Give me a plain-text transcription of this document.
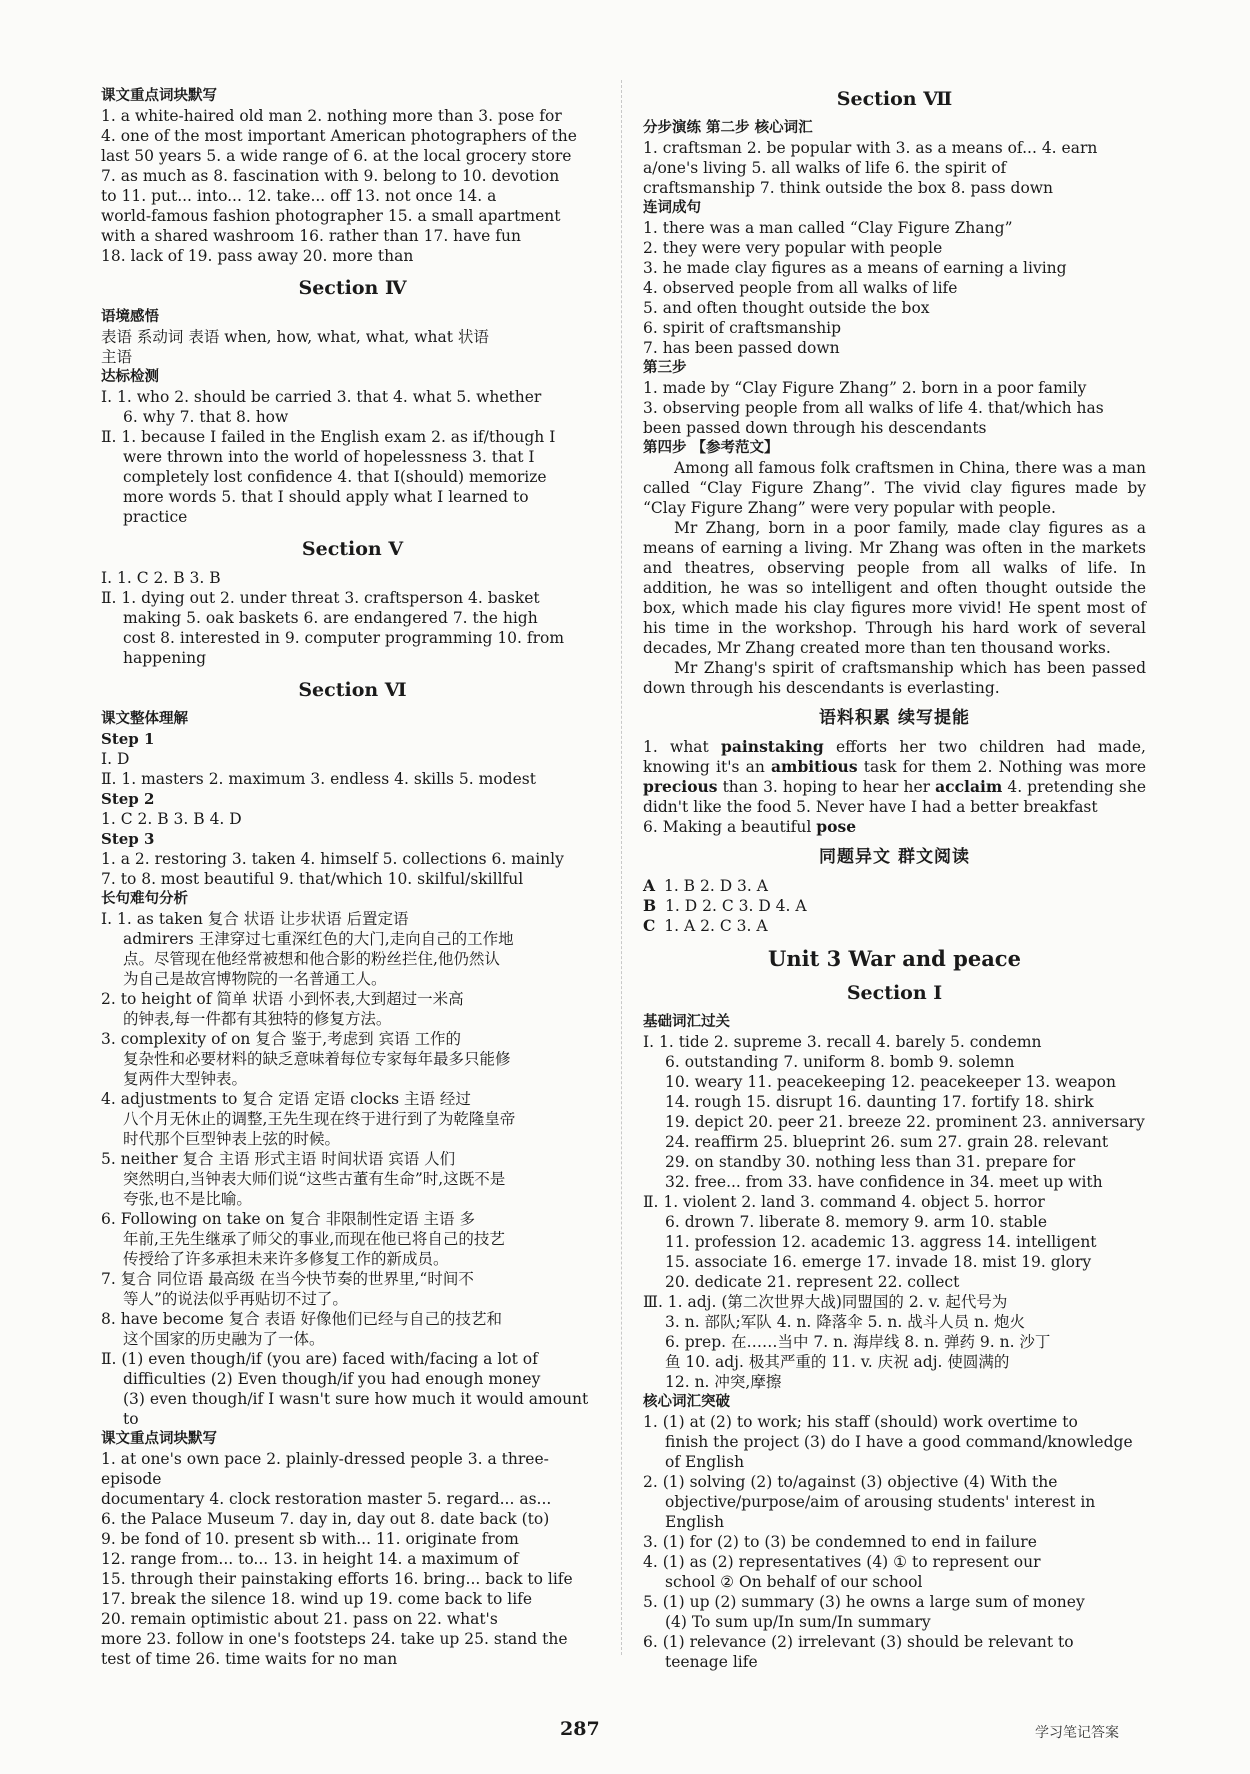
课文重点词块默写
1. a white-haired old man 2. nothing more than 3. pose for
4. one of the most important American photographers of the
last 50 years 5. a wide range of 6. at the local grocery store
7. as much as 8. fascination with 9. belong to 10. devotion
to 11. put... into... 12. take... off 13. not once 14. a
world-famous fashion photographer 15. a small apartment
with a shared washroom 16. rather than 17. have fun
18. lack of 19. pass away 20. more than
Section Ⅳ
语境感悟
表语 系动词 表语 when, how, what, what, what 状语
主语
达标检测
Ⅰ. 1. who 2. should be carried 3. that 4. what 5. whether
6. why 7. that 8. how
Ⅱ. 1. because I failed in the English exam 2. as if/though I
were thrown into the world of hopelessness 3. that I
completely lost confidence 4. that I(should) memorize
more words 5. that I should apply what I learned to
practice
Section Ⅴ
Ⅰ. 1. C 2. B 3. B
Ⅱ. 1. dying out 2. under threat 3. craftsperson 4. basket
making 5. oak baskets 6. are endangered 7. the high
cost 8. interested in 9. computer programming 10. from
happening
Section Ⅵ
课文整体理解
Step 1
Ⅰ. D
Ⅱ. 1. masters 2. maximum 3. endless 4. skills 5. modest
Step 2
1. C 2. B 3. B 4. D
Step 3
1. a 2. restoring 3. taken 4. himself 5. collections 6. mainly
7. to 8. most beautiful 9. that/which 10. skilful/skillful
长句难句分析
Ⅰ. 1. as taken 复合 状语 让步状语 后置定语
admirers 王津穿过七重深红色的大门,走向自己的工作地
点。尽管现在他经常被想和他合影的粉丝拦住,他仍然认
为自己是故宫博物院的一名普通工人。
2. to height of 简单 状语 小到怀表,大到超过一米高
的钟表,每一件都有其独特的修复方法。
3. complexity of on 复合 鉴于,考虑到 宾语 工作的
复杂性和必要材料的缺乏意味着每位专家每年最多只能修
复两件大型钟表。
4. adjustments to 复合 定语 定语 clocks 主语 经过
八个月无休止的调整,王先生现在终于进行到了为乾隆皇帝
时代那个巨型钟表上弦的时候。
5. neither 复合 主语 形式主语 时间状语 宾语 人们
突然明白,当钟表大师们说“这些古董有生命”时,这既不是
夸张,也不是比喻。
6. Following on take on 复合 非限制性定语 主语 多
年前,王先生继承了师父的事业,而现在他已将自己的技艺
传授给了许多承担未来许多修复工作的新成员。
7. 复合 同位语 最高级 在当今快节奏的世界里,“时间不
等人”的说法似乎再贴切不过了。
8. have become 复合 表语 好像他们已经与自己的技艺和
这个国家的历史融为了一体。
Ⅱ. (1) even though/if (you are) faced with/facing a lot of
difficulties (2) Even though/if you had enough money
(3) even though/if I wasn't sure how much it would amount
to
课文重点词块默写
1. at one's own pace 2. plainly-dressed people 3. a three-episode
documentary 4. clock restoration master 5. regard... as...
6. the Palace Museum 7. day in, day out 8. date back (to)
9. be fond of 10. present sb with... 11. originate from
12. range from... to... 13. in height 14. a maximum of
15. through their painstaking efforts 16. bring... back to life
17. break the silence 18. wind up 19. come back to life
20. remain optimistic about 21. pass on 22. what's
more 23. follow in one's footsteps 24. take up 25. stand the
test of time 26. time waits for no man
Section Ⅶ
分步演练 第二步 核心词汇
1. craftsman 2. be popular with 3. as a means of... 4. earn
a/one's living 5. all walks of life 6. the spirit of
craftsmanship 7. think outside the box 8. pass down
连词成句
1. there was a man called “Clay Figure Zhang”
2. they were very popular with people
3. he made clay figures as a means of earning a living
4. observed people from all walks of life
5. and often thought outside the box
6. spirit of craftsmanship
7. has been passed down
第三步
1. made by “Clay Figure Zhang” 2. born in a poor family
3. observing people from all walks of life 4. that/which has
been passed down through his descendants
第四步 【参考范文】
Among all famous folk craftsmen in China, there was a man called “Clay Figure Zhang”. The vivid clay figures made by “Clay Figure Zhang” were very popular with people.
Mr Zhang, born in a poor family, made clay figures as a means of earning a living. Mr Zhang was often in the markets and theatres, observing people from all walks of life. In addition, he was so intelligent and often thought outside the box, which made his clay figures more vivid! He spent most of his time in the workshop. Through his hard work of several decades, Mr Zhang created more than ten thousand works.
Mr Zhang's spirit of craftsmanship which has been passed down through his descendants is everlasting.
语料积累 续写提能
1. what painstaking efforts her two children had made, knowing it's an ambitious task for them 2. Nothing was more precious than 3. hoping to hear her acclaim 4. pretending she didn't like the food 5. Never have I had a better breakfast
6. Making a beautiful pose
同题异文 群文阅读
A 1. B 2. D 3. A
B 1. D 2. C 3. D 4. A
C 1. A 2. C 3. A
Unit 3 War and peace
Section Ⅰ
基础词汇过关
Ⅰ. 1. tide 2. supreme 3. recall 4. barely 5. condemn
6. outstanding 7. uniform 8. bomb 9. solemn
10. weary 11. peacekeeping 12. peacekeeper 13. weapon
14. rough 15. disrupt 16. daunting 17. fortify 18. shirk
19. depict 20. peer 21. breeze 22. prominent 23. anniversary
24. reaffirm 25. blueprint 26. sum 27. grain 28. relevant
29. on standby 30. nothing less than 31. prepare for
32. free... from 33. have confidence in 34. meet up with
Ⅱ. 1. violent 2. land 3. command 4. object 5. horror
6. drown 7. liberate 8. memory 9. arm 10. stable
11. profession 12. academic 13. aggress 14. intelligent
15. associate 16. emerge 17. invade 18. mist 19. glory
20. dedicate 21. represent 22. collect
Ⅲ. 1. adj. (第二次世界大战)同盟国的 2. v. 起代号为
3. n. 部队;军队 4. n. 降落伞 5. n. 战斗人员 n. 炮火
6. prep. 在……当中 7. n. 海岸线 8. n. 弹药 9. n. 沙丁
鱼 10. adj. 极其严重的 11. v. 庆祝 adj. 使圆满的
12. n. 冲突,摩擦
核心词汇突破
1. (1) at (2) to work; his staff (should) work overtime to
finish the project (3) do I have a good command/knowledge
of English
2. (1) solving (2) to/against (3) objective (4) With the
objective/purpose/aim of arousing students' interest in
English
3. (1) for (2) to (3) be condemned to end in failure
4. (1) as (2) representatives (4) ① to represent our
school ② On behalf of our school
5. (1) up (2) summary (3) he owns a large sum of money
(4) To sum up/In sum/In summary
6. (1) relevance (2) irrelevant (3) should be relevant to
teenage life
287	学习笔记答案
